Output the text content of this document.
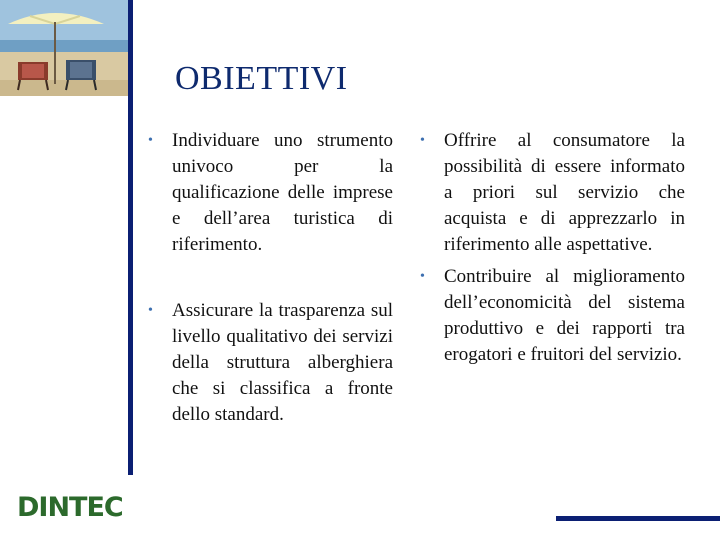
OBIETTIVI
• Individuare uno strumento univoco per la qualificazione delle imprese e dell’area turistica di riferimento.
• Assicurare la trasparenza sul livello qualitativo dei servizi della struttura alberghiera che si classifica a fronte dello standard.
• Offrire al consumatore la possibilità di essere informato a priori sul servizio che acquista e di apprezzarlo in riferimento alle aspettative.
• Contribuire al miglioramento dell’economicità del sistema produttivo e dei rapporti tra erogatori e fruitori del servizio.
DINTEC
